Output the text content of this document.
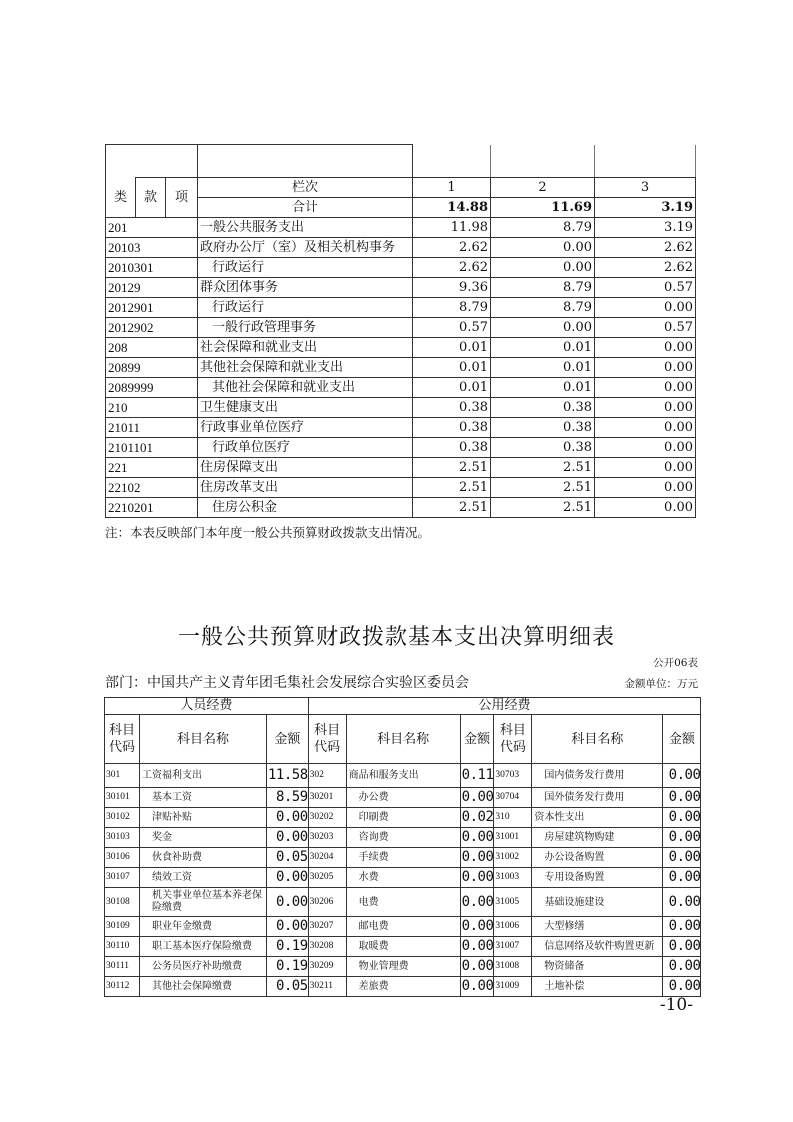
类	款	项	栏次	1	2	3
			合计	14.88	11.69	3.19
201			一般公共服务支出	11.98	8.79	3.19
20103			政府办公厅（室）及相关机构事务	2.62	0.00	2.62
2010301			行政运行	2.62	0.00	2.62
20129			群众团体事务	9.36	8.79	0.57
2012901			行政运行	8.79	8.79	0.00
2012902			一般行政管理事务	0.57	0.00	0.57
208			社会保障和就业支出	0.01	0.01	0.00
20899			其他社会保障和就业支出	0.01	0.01	0.00
2089999			其他社会保障和就业支出	0.01	0.01	0.00
210			卫生健康支出	0.38	0.38	0.00
21011			行政事业单位医疗	0.38	0.38	0.00
2101101			行政单位医疗	0.38	0.38	0.00
221			住房保障支出	2.51	2.51	0.00
22102			住房改革支出	2.51	2.51	0.00
2210201			住房公积金	2.51	2.51	0.00
注：本表反映部门本年度一般公共预算财政拨款支出情况。
一般公共预算财政拨款基本支出决算明细表
公开06表
部门：中国共产主义青年团毛集社会发展综合实验区委员会	金额单位：万元
人员经费			公用经费					
科目代码	科目名称	金额	科目代码	科目名称	金额	科目代码	科目名称	金额
301	工资福利支出	11.58	302	商品和服务支出	0.11	30703	国内债务发行费用	0.00
30101	基本工资	8.59	30201	办公费	0.00	30704	国外债务发行费用	0.00
30102	津贴补贴	0.00	30202	印刷费	0.02	310	资本性支出	0.00
30103	奖金	0.00	30203	咨询费	0.00	31001	房屋建筑物购建	0.00
30106	伙食补助费	0.05	30204	手续费	0.00	31002	办公设备购置	0.00
30107	绩效工资	0.00	30205	水费	0.00	31003	专用设备购置	0.00
30108	机关事业单位基本养老保险缴费	0.00	30206	电费	0.00	31005	基础设施建设	0.00
30109	职业年金缴费	0.00	30207	邮电费	0.00	31006	大型修缮	0.00
30110	职工基本医疗保险缴费	0.19	30208	取暖费	0.00	31007	信息网络及软件购置更新	0.00
30111	公务员医疗补助缴费	0.19	30209	物业管理费	0.00	31008	物资储备	0.00
30112	其他社会保障缴费	0.05	30211	差旅费	0.00	31009	土地补偿	0.00
-10-
